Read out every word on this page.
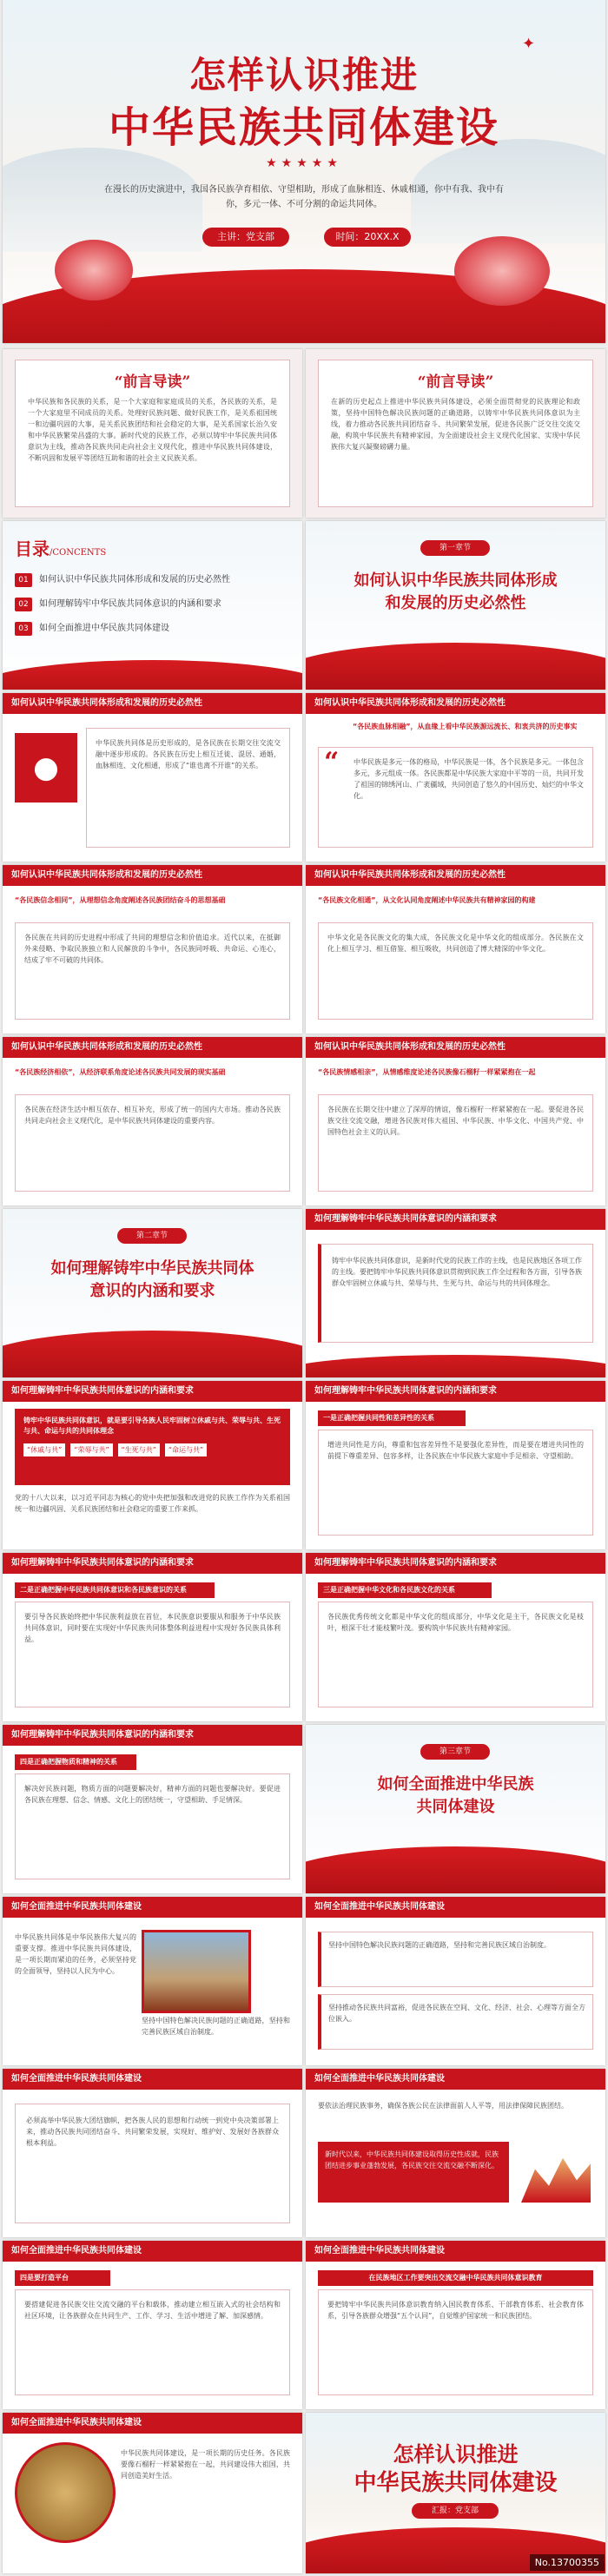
✦
怎样认识推进
中华民族共同体建设
★★★★★
在漫长的历史演进中，我国各民族孕育相依、守望相助，形成了血脉相连、休戚相通，你中有我、我中有你，多元一体、不可分割的命运共同体。
主讲：党支部	时间：20XX.X
“前言导读”
中华民族和各民族的关系，是一个大家庭和家庭成员的关系，各民族的关系，是一个大家庭里不同成员的关系。处理好民族问题、做好民族工作，是关系祖国统一和边疆巩固的大事，是关系民族团结和社会稳定的大事，是关系国家长治久安和中华民族繁荣昌盛的大事。新时代党的民族工作，必须以铸牢中华民族共同体意识为主线，推动各民族共同走向社会主义现代化，推进中华民族共同体建设，不断巩固和发展平等团结互助和谐的社会主义民族关系。
“前言导读”
在新的历史起点上推进中华民族共同体建设，必须全面贯彻党的民族理论和政策，坚持中国特色解决民族问题的正确道路，以铸牢中华民族共同体意识为主线，着力推动各民族共同团结奋斗、共同繁荣发展，促进各民族广泛交往交流交融，构筑中华民族共有精神家园，为全面建设社会主义现代化国家、实现中华民族伟大复兴凝聚磅礴力量。
目录/CONCENTS
01	如何认识中华民族共同体形成和发展的历史必然性
02	如何理解铸牢中华民族共同体意识的内涵和要求
03	如何全面推进中华民族共同体建设
第一章节
如何认识中华民族共同体形成
和发展的历史必然性
如何认识中华民族共同体形成和发展的历史必然性
●
中华民族共同体是历史形成的，是各民族在长期交往交流交融中逐步形成的。各民族在历史上相互迁徙、混居、通婚，血脉相连、文化相通，形成了“谁也离不开谁”的关系。
如何认识中华民族共同体形成和发展的历史必然性
“各民族血脉相融”，从血缘上看中华民族源远流长、和衷共济的历史事实
“ 中华民族是多元一体的格局，中华民族是一体，各个民族是多元。一体包含多元，多元组成一体。各民族都是中华民族大家庭中平等的一员，共同开发了祖国的锦绣河山、广袤疆域，共同创造了悠久的中国历史、灿烂的中华文化。
如何认识中华民族共同体形成和发展的历史必然性
“各民族信念相同”，从理想信念角度阐述各民族团结奋斗的思想基础
各民族在共同的历史进程中形成了共同的理想信念和价值追求。近代以来，在抵御外来侵略、争取民族独立和人民解放的斗争中，各民族同呼吸、共命运、心连心，结成了牢不可破的共同体。
如何认识中华民族共同体形成和发展的历史必然性
“各民族文化相通”，从文化认同角度阐述中华民族共有精神家园的构建
中华文化是各民族文化的集大成，各民族文化是中华文化的组成部分。各民族在文化上相互学习、相互借鉴、相互吸收，共同创造了博大精深的中华文化。
如何认识中华民族共同体形成和发展的历史必然性
“各民族经济相依”，从经济联系角度论述各民族共同发展的现实基础
各民族在经济生活中相互依存、相互补充，形成了统一的国内大市场。推动各民族共同走向社会主义现代化，是中华民族共同体建设的重要内容。
如何认识中华民族共同体形成和发展的历史必然性
“各民族情感相亲”，从情感维度论述各民族像石榴籽一样紧紧抱在一起
各民族在长期交往中建立了深厚的情谊，像石榴籽一样紧紧抱在一起。要促进各民族交往交流交融，增进各民族对伟大祖国、中华民族、中华文化、中国共产党、中国特色社会主义的认同。
第二章节
如何理解铸牢中华民族共同体
意识的内涵和要求
如何理解铸牢中华民族共同体意识的内涵和要求
铸牢中华民族共同体意识，是新时代党的民族工作的主线，也是民族地区各项工作的主线。要把铸牢中华民族共同体意识贯彻到民族工作全过程和各方面，引导各族群众牢固树立休戚与共、荣辱与共、生死与共、命运与共的共同体理念。
如何理解铸牢中华民族共同体意识的内涵和要求
铸牢中华民族共同体意识，就是要引导各族人民牢固树立休戚与共、荣辱与共、生死与共、命运与共的共同体理念
“休戚与共”	“荣辱与共”	“生死与共”	“命运与共”
党的十八大以来，以习近平同志为核心的党中央把加强和改进党的民族工作作为关系祖国统一和边疆巩固、关系民族团结和社会稳定的重要工作来抓。
如何理解铸牢中华民族共同体意识的内涵和要求
一是正确把握共同性和差异性的关系
增进共同性是方向，尊重和包容差异性不是要强化差异性，而是要在增进共同性的前提下尊重差异、包容多样，让各民族在中华民族大家庭中手足相亲、守望相助。
如何理解铸牢中华民族共同体意识的内涵和要求
二是正确把握中华民族共同体意识和各民族意识的关系
要引导各民族始终把中华民族利益放在首位，本民族意识要服从和服务于中华民族共同体意识，同时要在实现好中华民族共同体整体利益进程中实现好各民族具体利益。
如何理解铸牢中华民族共同体意识的内涵和要求
三是正确把握中华文化和各民族文化的关系
各民族优秀传统文化都是中华文化的组成部分，中华文化是主干，各民族文化是枝叶，根深干壮才能枝繁叶茂。要构筑中华民族共有精神家园。
如何理解铸牢中华民族共同体意识的内涵和要求
四是正确把握物质和精神的关系
解决好民族问题，物质方面的问题要解决好，精神方面的问题也要解决好。要促进各民族在理想、信念、情感、文化上的团结统一，守望相助、手足情深。
第三章节
如何全面推进中华民族
共同体建设
如何全面推进中华民族共同体建设
中华民族共同体是中华民族伟大复兴的重要支撑。推进中华民族共同体建设，是一项长期而紧迫的任务，必须坚持党的全面领导，坚持以人民为中心。
坚持中国特色解决民族问题的正确道路，坚持和完善民族区域自治制度。
如何全面推进中华民族共同体建设
坚持中国特色解决民族问题的正确道路，坚持和完善民族区域自治制度。
坚持推动各民族共同富裕，促进各民族在空间、文化、经济、社会、心理等方面全方位嵌入。
如何全面推进中华民族共同体建设
必须高举中华民族大团结旗帜，把各族人民的思想和行动统一到党中央决策部署上来，推动各民族共同团结奋斗、共同繁荣发展，实现好、维护好、发展好各族群众根本利益。
如何全面推进中华民族共同体建设
要依法治理民族事务，确保各族公民在法律面前人人平等，用法律保障民族团结。
新时代以来，中华民族共同体建设取得历史性成就，民族团结进步事业蓬勃发展，各民族交往交流交融不断深化。
如何全面推进中华民族共同体建设
四是要打造平台
要搭建促进各民族交往交流交融的平台和载体，推动建立相互嵌入式的社会结构和社区环境，让各族群众在共同生产、工作、学习、生活中增进了解、加深感情。
如何全面推进中华民族共同体建设
在民族地区工作要突出交流交融中华民族共同体意识教育
要把铸牢中华民族共同体意识教育纳入国民教育体系、干部教育体系、社会教育体系，引导各族群众增强“五个认同”，自觉维护国家统一和民族团结。
如何全面推进中华民族共同体建设
中华民族共同体建设，是一项长期的历史任务。各民族要像石榴籽一样紧紧抱在一起，共同建设伟大祖国，共同创造美好生活。
怎样认识推进
中华民族共同体建设
汇报：党支部
No.13700355
